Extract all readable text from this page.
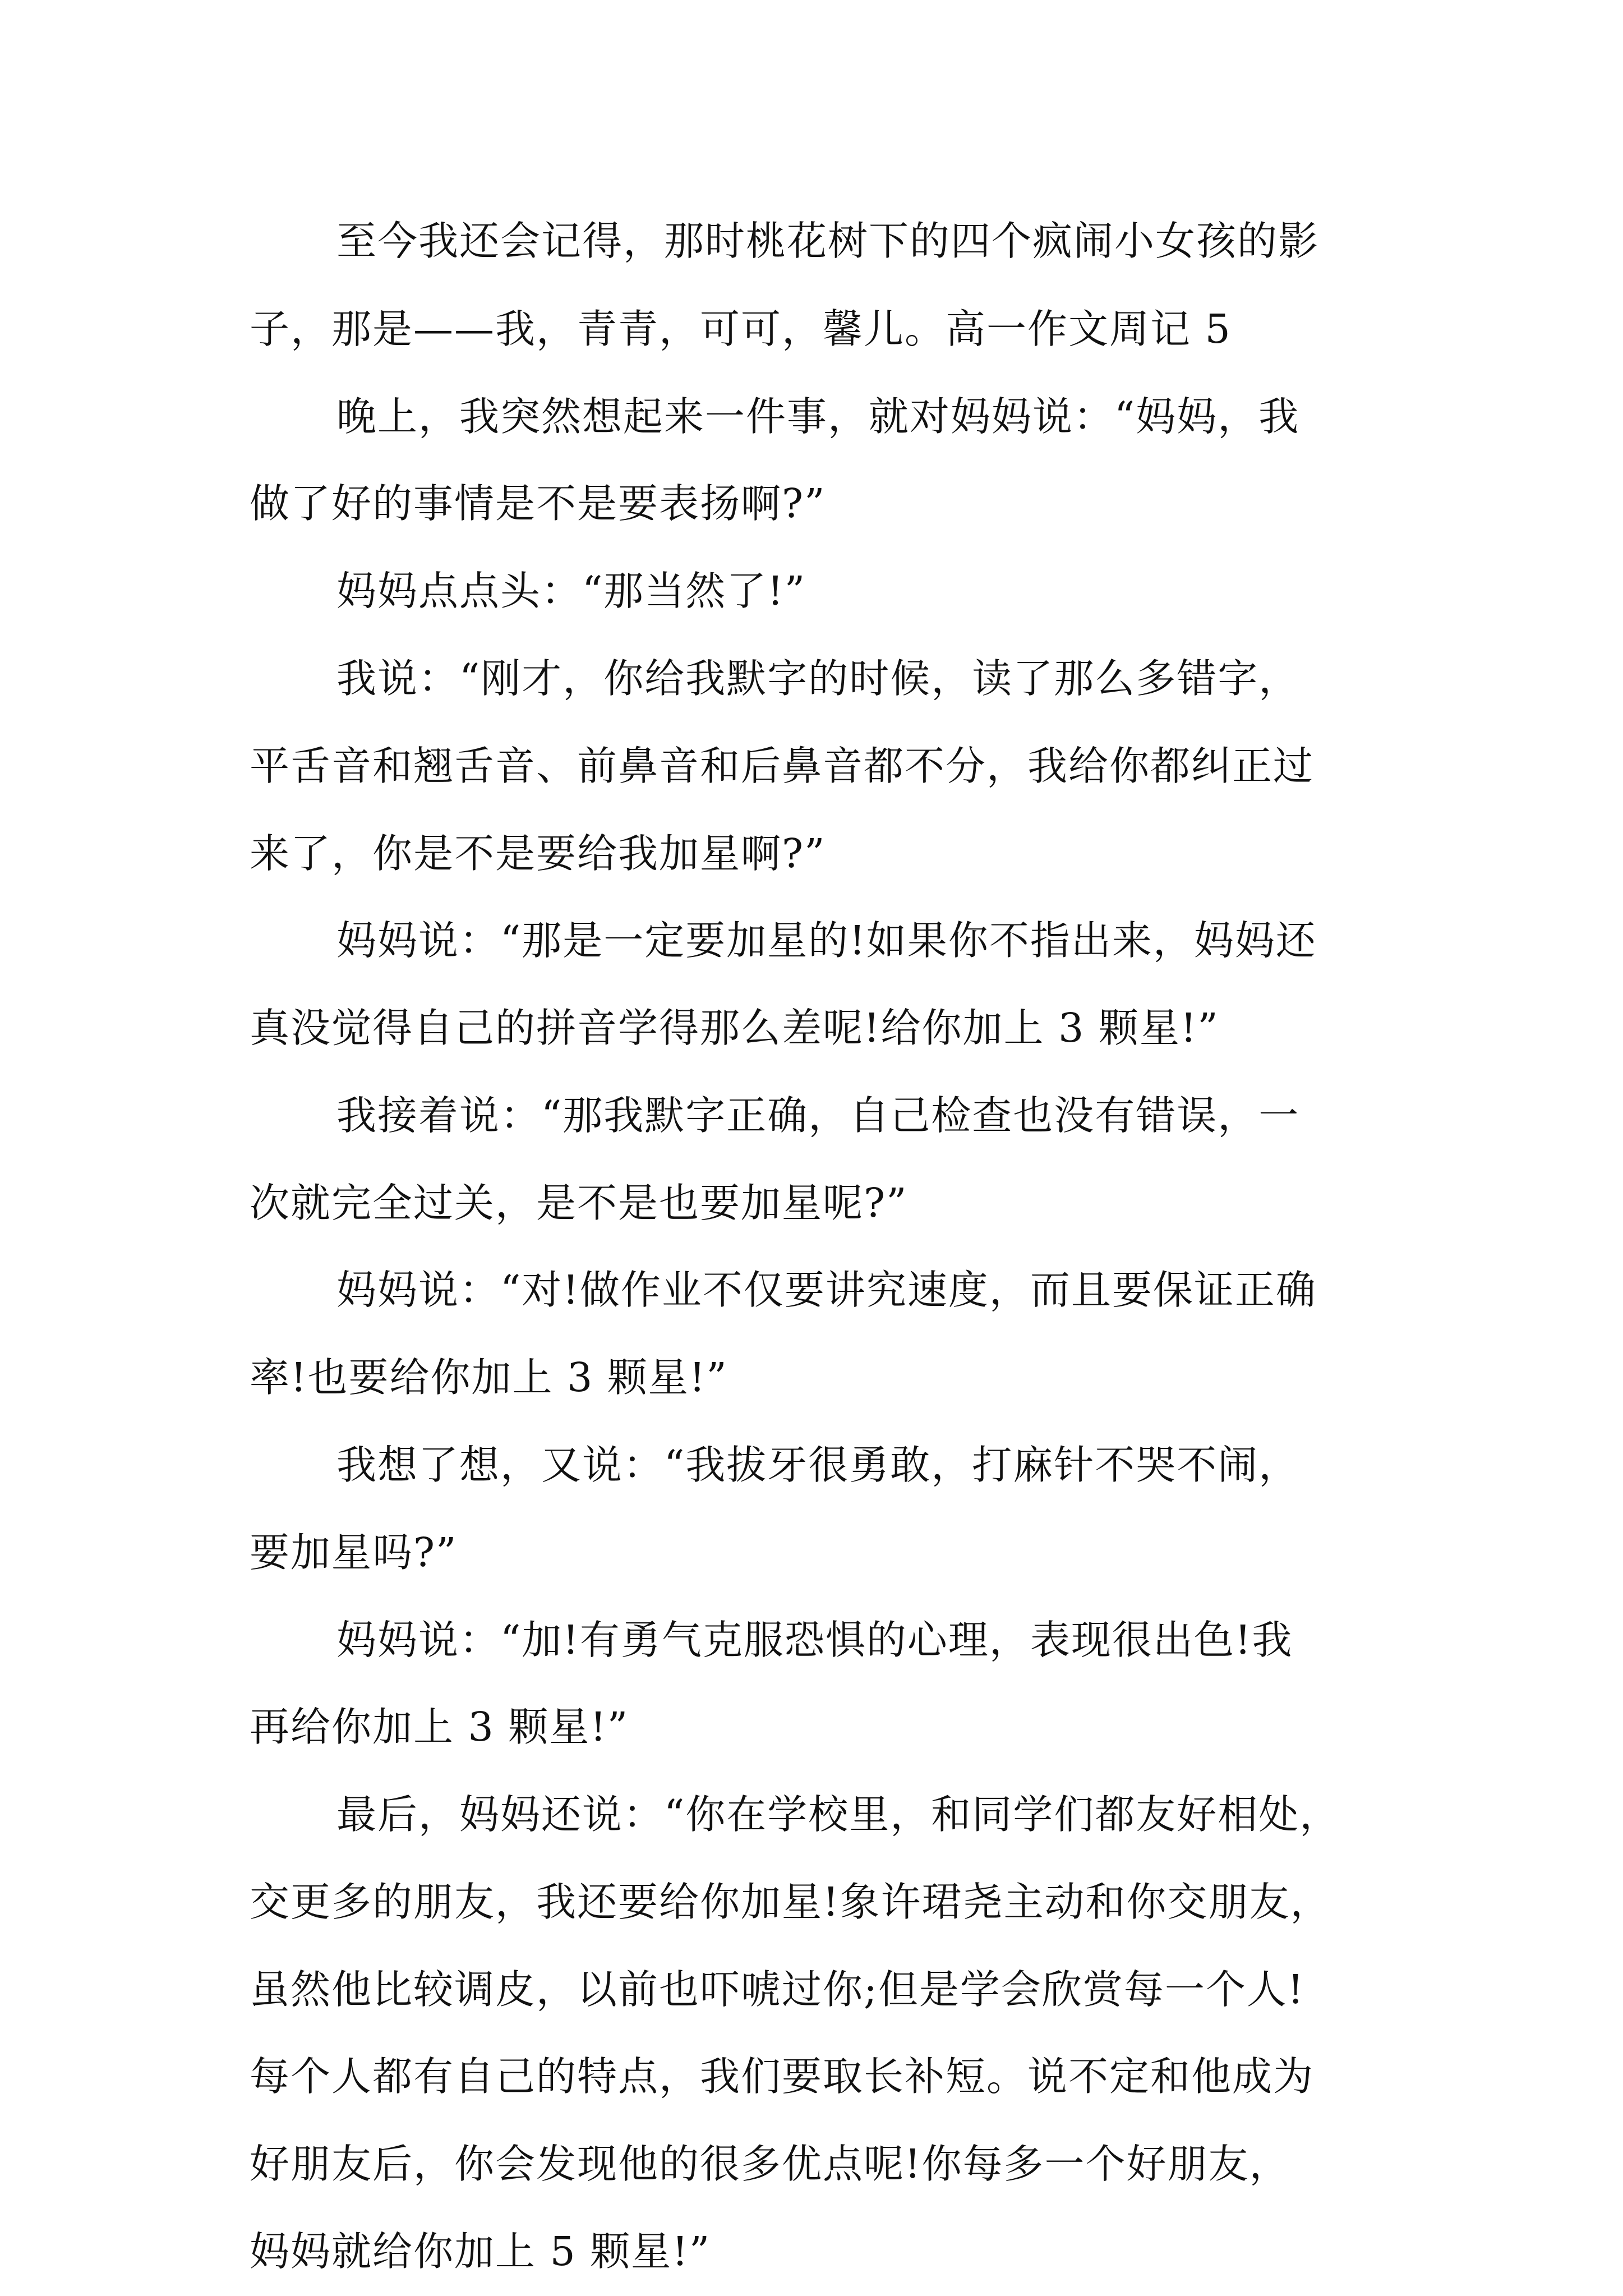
至今我还会记得，那时桃花树下的四个疯闹小女孩的影

子，那是——我，青青，可可，馨儿。高一作文周记 5

晚上，我突然想起来一件事，就对妈妈说：“妈妈，我

做了好的事情是不是要表扬啊?”

妈妈点点头：“那当然了!”

我说：“刚才，你给我默字的时候，读了那么多错字，

平舌音和翘舌音、前鼻音和后鼻音都不分，我给你都纠正过

来了，你是不是要给我加星啊?”

妈妈说：“那是一定要加星的!如果你不指出来，妈妈还

真没觉得自己的拼音学得那么差呢!给你加上 3 颗星!”

我接着说：“那我默字正确，自己检查也没有错误，一

次就完全过关，是不是也要加星呢?”

妈妈说：“对!做作业不仅要讲究速度，而且要保证正确

率!也要给你加上 3 颗星!”

我想了想，又说：“我拔牙很勇敢，打麻针不哭不闹，

要加星吗?”

妈妈说：“加!有勇气克服恐惧的心理，表现很出色!我

再给你加上 3 颗星!”

最后，妈妈还说：“你在学校里，和同学们都友好相处，

交更多的朋友，我还要给你加星!象许珺尧主动和你交朋友，

虽然他比较调皮，以前也吓唬过你;但是学会欣赏每一个人!

每个人都有自己的特点，我们要取长补短。说不定和他成为

好朋友后，你会发现他的很多优点呢!你每多一个好朋友，

妈妈就给你加上 5 颗星!”
